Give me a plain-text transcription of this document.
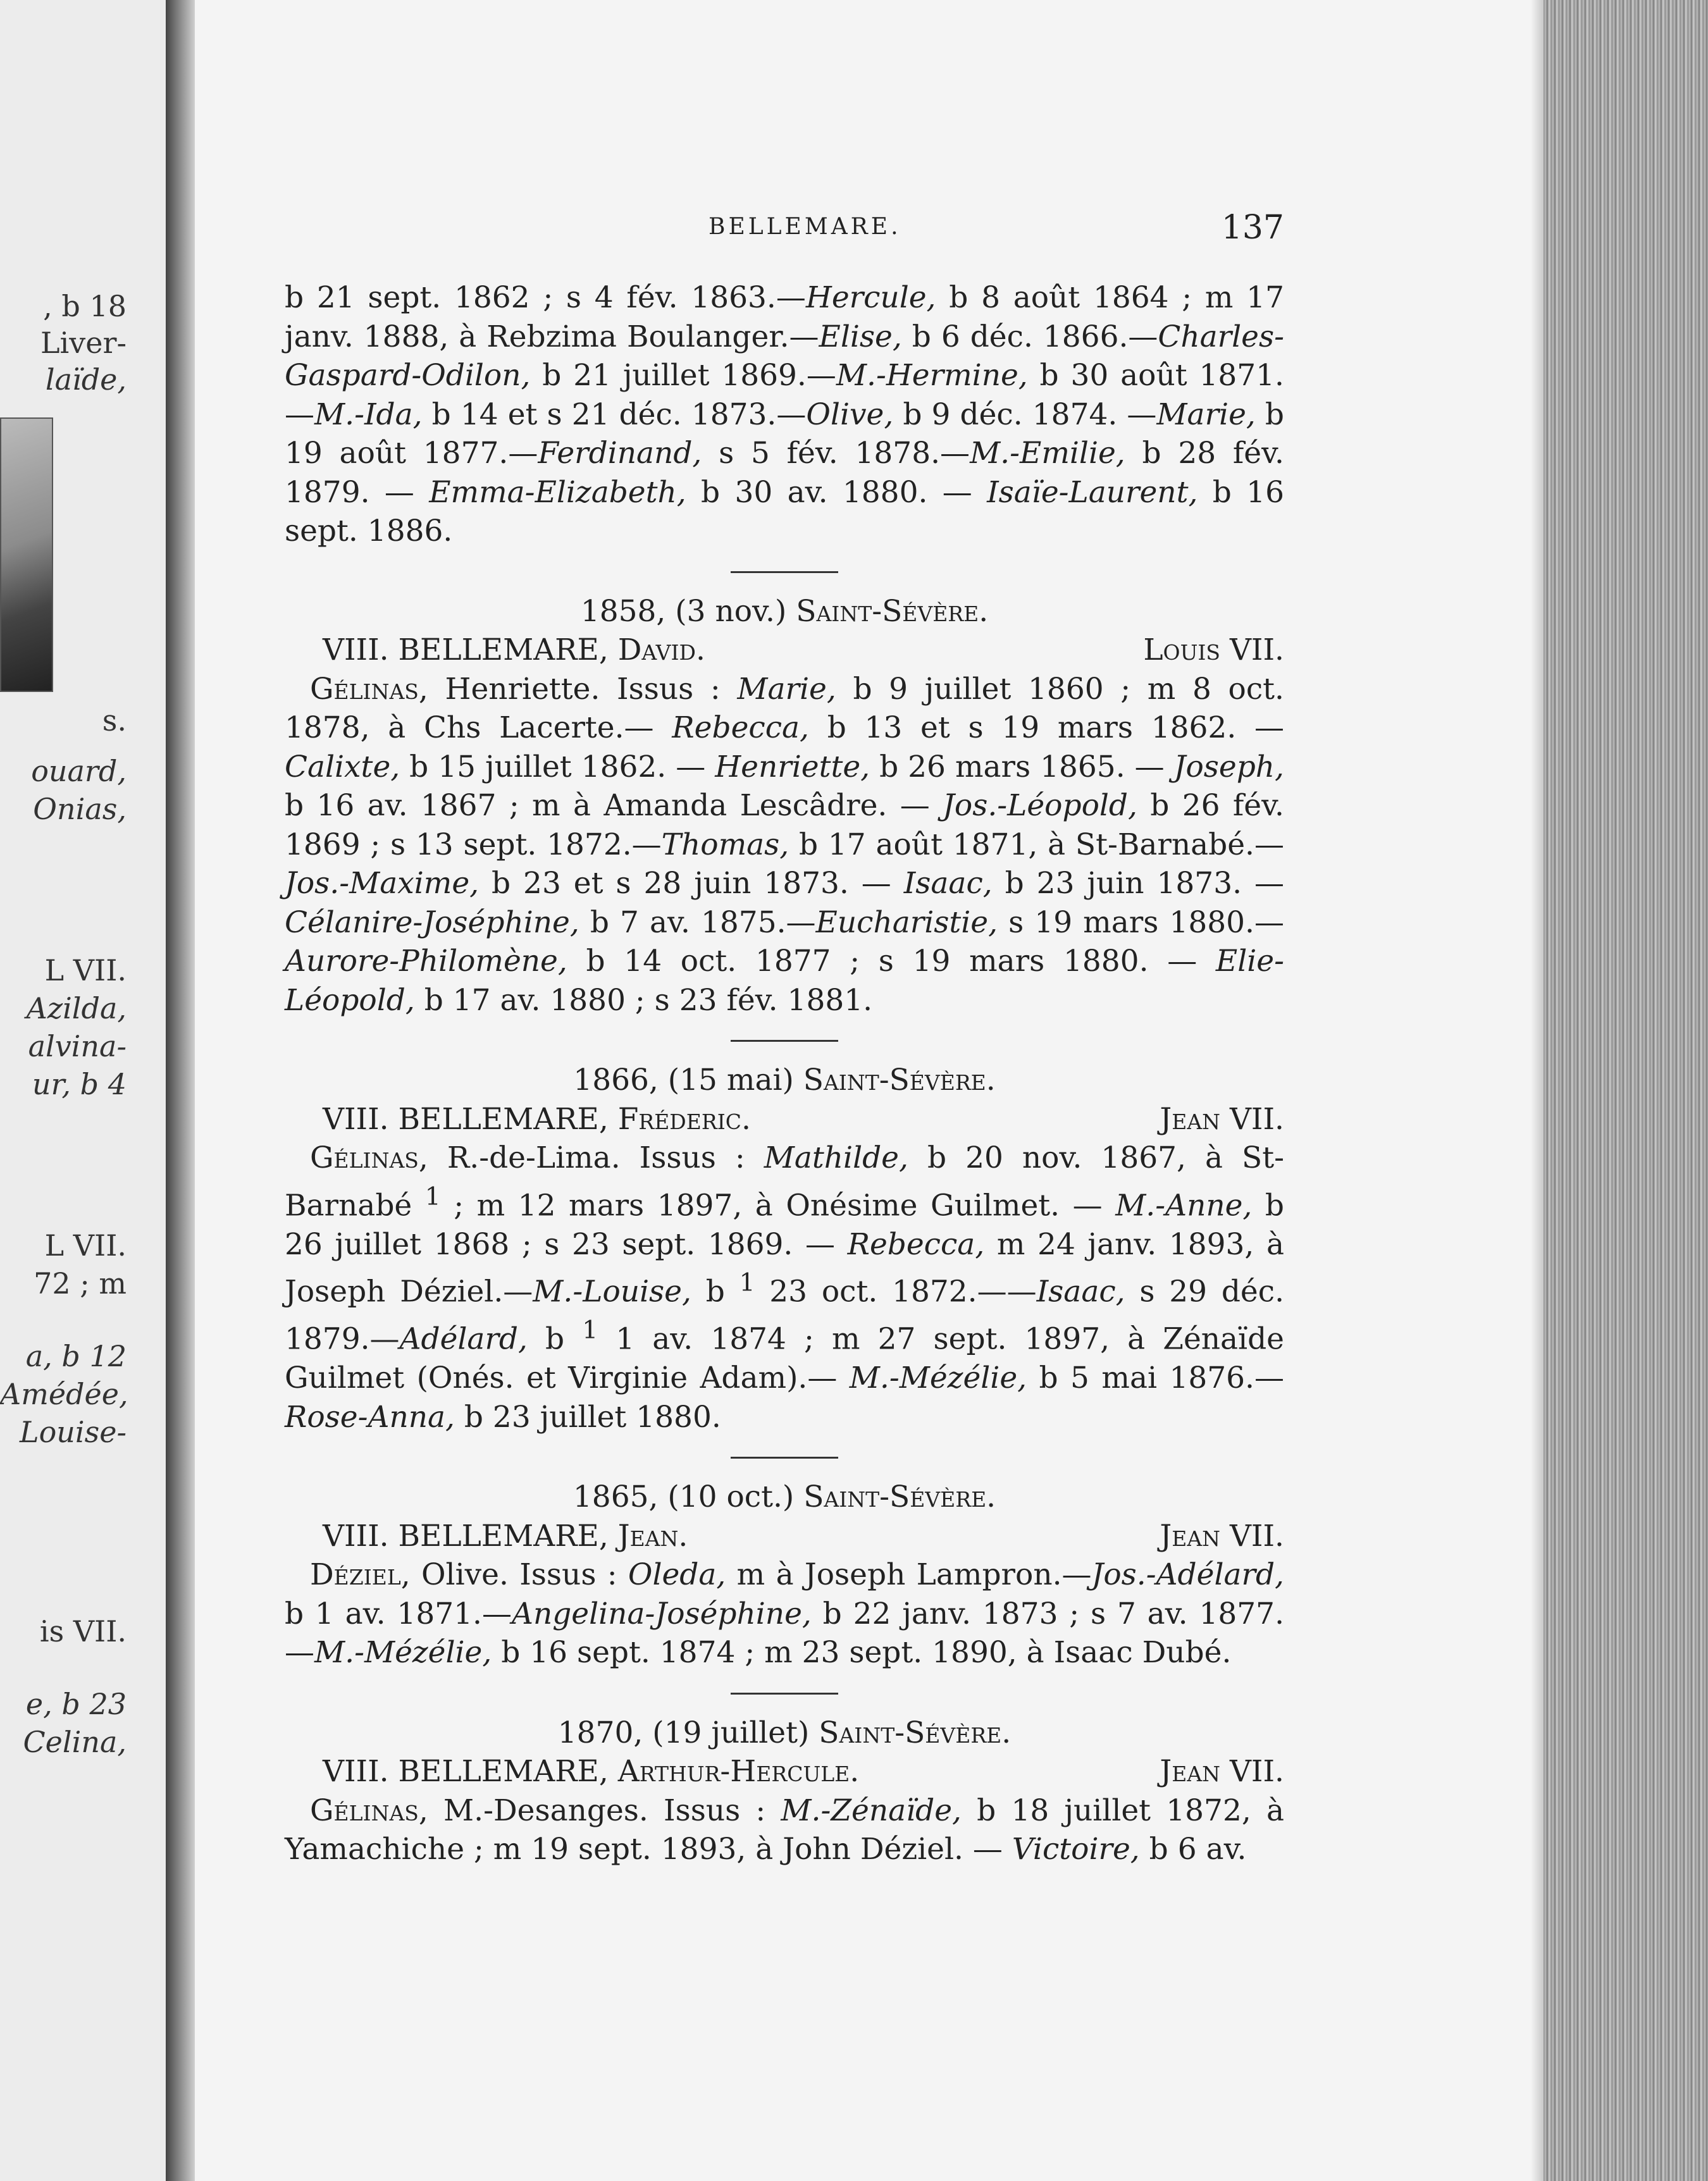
, b 18
Liver-
laïde,
s.
ouard,
Onias,
L VII.
Azilda,
alvina-
ur, b 4
L VII.
72 ; m
a, b 12
Amédée,
Louise-
is VII.
e, b 23
Celina,
BELLEMARE.	137

b 21 sept. 1862 ; s 4 fév. 1863.—Hercule, b 8 août 1864 ; m 17 janv. 1888, à Rebzima Boulanger.—Elise, b 6 déc. 1866.—Charles-Gaspard-Odilon, b 21 juillet 1869.—M.-Hermine, b 30 août 1871. —M.-Ida, b 14 et s 21 déc. 1873.—Olive, b 9 déc. 1874. —Marie, b 19 août 1877.—Ferdinand, s 5 fév. 1878.—M.-Emilie, b 28 fév. 1879. — Emma-Elizabeth, b 30 av. 1880. — Isaïe-Laurent, b 16 sept. 1886.

1858, (3 nov.) Saint-Sévère.

VIII. BELLEMARE, David.	Louis VII.

Gélinas, Henriette. Issus : Marie, b 9 juillet 1860 ; m 8 oct. 1878, à Chs Lacerte.— Rebecca, b 13 et s 19 mars 1862. — Calixte, b 15 juillet 1862. — Henriette, b 26 mars 1865. — Joseph, b 16 av. 1867 ; m à Amanda Lescâdre. — Jos.-Léopold, b 26 fév. 1869 ; s 13 sept. 1872.—Thomas, b 17 août 1871, à St-Barnabé.—Jos.-Maxime, b 23 et s 28 juin 1873. — Isaac, b 23 juin 1873. — Célanire-Joséphine, b 7 av. 1875.—Eucharistie, s 19 mars 1880.— Aurore-Philomène, b 14 oct. 1877 ; s 19 mars 1880. — Elie-Léopold, b 17 av. 1880 ; s 23 fév. 1881.

1866, (15 mai) Saint-Sévère.

VIII. BELLEMARE, Fréderic.	Jean VII.

Gélinas, R.-de-Lima. Issus : Mathilde, b 20 nov. 1867, à St-Barnabé $^1$ ; m 12 mars 1897, à Onésime Guilmet. — M.-Anne, b 26 juillet 1868 ; s 23 sept. 1869. — Rebecca, m 24 janv. 1893, à Joseph Déziel.—M.-Louise, b $^1$ 23 oct. 1872.——Isaac, s 29 déc. 1879.—Adélard, b $^1$ 1 av. 1874 ; m 27 sept. 1897, à Zénaïde Guilmet (Onés. et Virginie Adam).— M.-Mézélie, b 5 mai 1876.— Rose-Anna, b 23 juillet 1880.

1865, (10 oct.) Saint-Sévère.

VIII. BELLEMARE, Jean.	Jean VII.

Déziel, Olive. Issus : Oleda, m à Joseph Lampron.—Jos.-Adélard, b 1 av. 1871.—Angelina-Joséphine, b 22 janv. 1873 ; s 7 av. 1877. —M.-Mézélie, b 16 sept. 1874 ; m 23 sept. 1890, à Isaac Dubé.

1870, (19 juillet) Saint-Sévère.

VIII. BELLEMARE, Arthur-Hercule.	Jean VII.

Gélinas, M.-Desanges. Issus : M.-Zénaïde, b 18 juillet 1872, à Yamachiche ; m 19 sept. 1893, à John Déziel. — Victoire, b 6 av.
